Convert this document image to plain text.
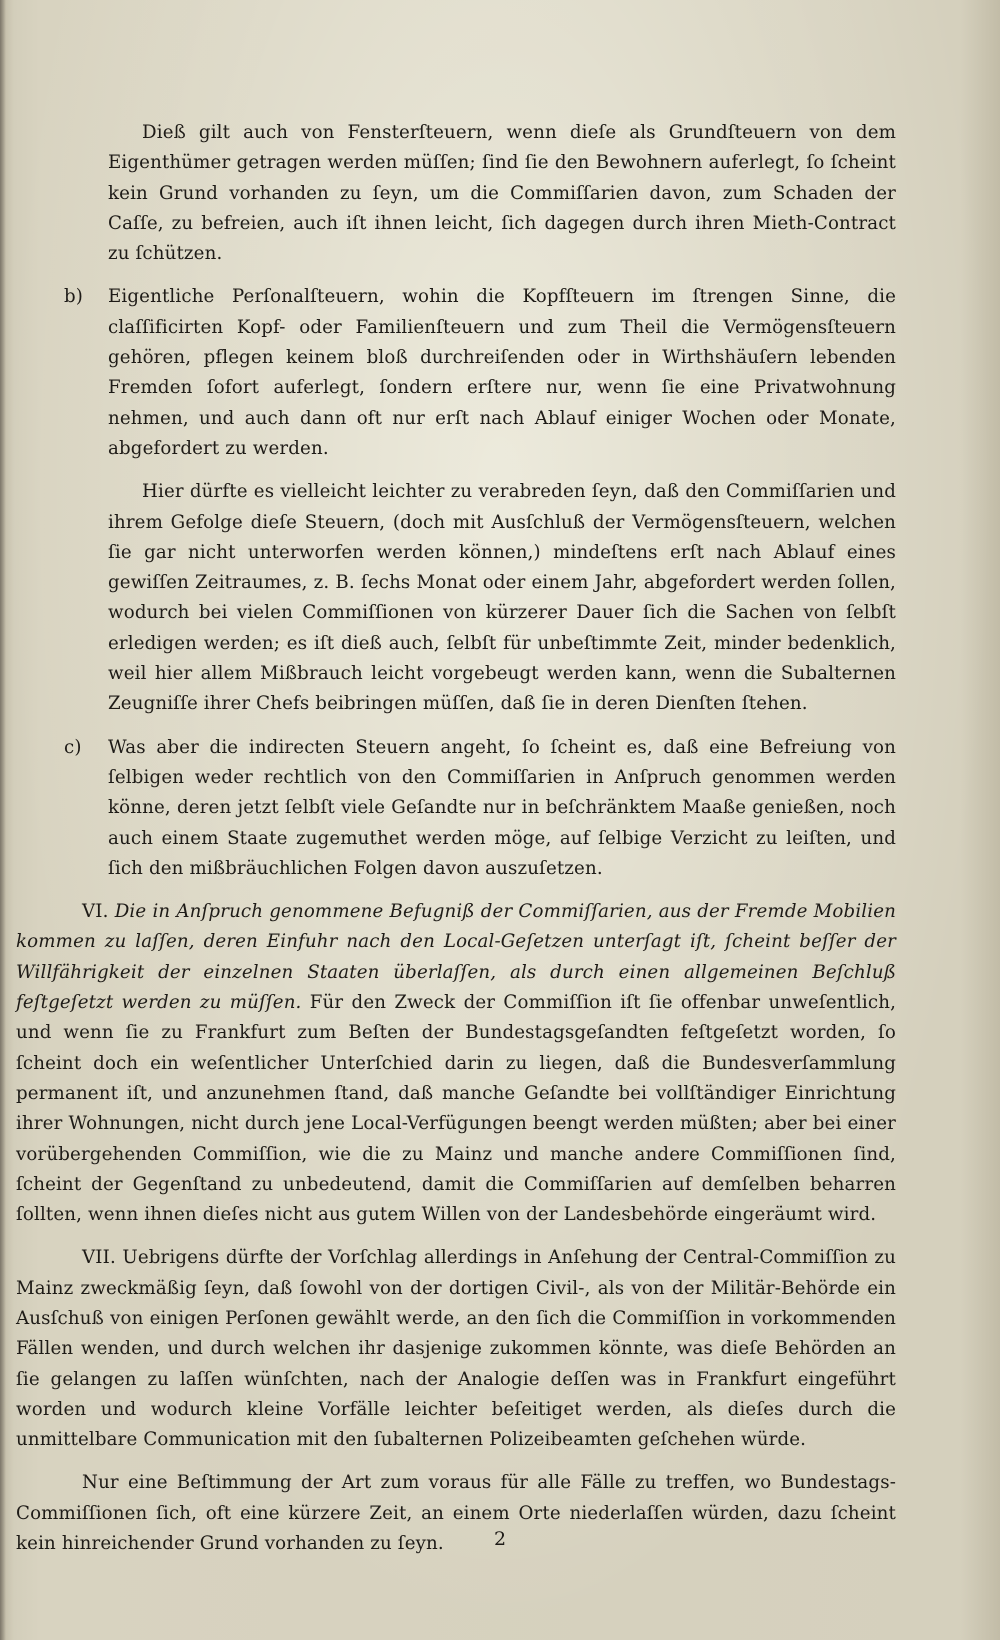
Dieß gilt auch von Fensterſteuern, wenn dieſe als Grundſteuern von dem Eigenthümer getragen werden müſſen; ſind ſie den Bewohnern auferlegt, ſo ſcheint kein Grund vorhanden zu ſeyn, um die Commiſſarien davon, zum Schaden der Caſſe, zu befreien, auch iſt ihnen leicht, ſich dagegen durch ihren Mieth-Contract zu ſchützen.
b) Eigentliche Perſonalſteuern, wohin die Kopfſteuern im ſtrengen Sinne, die claſſificirten Kopf- oder Familienſteuern und zum Theil die Vermögensſteuern gehören, pflegen keinem bloß durchreiſenden oder in Wirthshäuſern lebenden Fremden ſofort auferlegt, ſondern erſtere nur, wenn ſie eine Privatwohnung nehmen, und auch dann oft nur erſt nach Ablauf einiger Wochen oder Monate, abgefordert zu werden.
Hier dürfte es vielleicht leichter zu verabreden ſeyn, daß den Commiſſarien und ihrem Gefolge dieſe Steuern, (doch mit Ausſchluß der Vermögensſteuern, welchen ſie gar nicht unterworfen werden können,) mindeſtens erſt nach Ablauf eines gewiſſen Zeitraumes, z. B. ſechs Monat oder einem Jahr, abgefordert werden ſollen, wodurch bei vielen Commiſſionen von kürzerer Dauer ſich die Sachen von ſelbſt erledigen werden; es iſt dieß auch, ſelbſt für unbeſtimmte Zeit, minder bedenklich, weil hier allem Mißbrauch leicht vorgebeugt werden kann, wenn die Subalternen Zeugniſſe ihrer Chefs beibringen müſſen, daß ſie in deren Dienſten ſtehen.
c) Was aber die indirecten Steuern angeht, ſo ſcheint es, daß eine Befreiung von ſelbigen weder rechtlich von den Commiſſarien in Anſpruch genommen werden könne, deren jetzt ſelbſt viele Geſandte nur in beſchränktem Maaße genießen, noch auch einem Staate zugemuthet werden möge, auf ſelbige Verzicht zu leiſten, und ſich den mißbräuchlichen Folgen davon auszuſetzen.
VI. Die in Anſpruch genommene Befugniß der Commiſſarien, aus der Fremde Mobilien kommen zu laſſen, deren Einfuhr nach den Local-Geſetzen unterſagt iſt, ſcheint beſſer der Willfährigkeit der einzelnen Staaten überlaſſen, als durch einen allgemeinen Beſchluß feſtgeſetzt werden zu müſſen. Für den Zweck der Commiſſion iſt ſie offenbar unweſentlich, und wenn ſie zu Frankfurt zum Beſten der Bundestagsgeſandten feſtgeſetzt worden, ſo ſcheint doch ein weſentlicher Unterſchied darin zu liegen, daß die Bundesverſammlung permanent iſt, und anzunehmen ſtand, daß manche Geſandte bei vollſtändiger Einrichtung ihrer Wohnungen, nicht durch jene Local-Verfügungen beengt werden müßten; aber bei einer vorübergehenden Commiſſion, wie die zu Mainz und manche andere Commiſſionen ſind, ſcheint der Gegenſtand zu unbedeutend, damit die Commiſſarien auf demſelben beharren ſollten, wenn ihnen dieſes nicht aus gutem Willen von der Landesbehörde eingeräumt wird.
VII. Uebrigens dürfte der Vorſchlag allerdings in Anſehung der Central-Commiſſion zu Mainz zweckmäßig ſeyn, daß ſowohl von der dortigen Civil-, als von der Militär-Behörde ein Ausſchuß von einigen Perſonen gewählt werde, an den ſich die Commiſſion in vorkommenden Fällen wenden, und durch welchen ihr dasjenige zukommen könnte, was dieſe Behörden an ſie gelangen zu laſſen wünſchten, nach der Analogie deſſen was in Frankfurt eingeführt worden und wodurch kleine Vorfälle leichter beſeitiget werden, als dieſes durch die unmittelbare Communication mit den ſubalternen Polizeibeamten geſchehen würde.
Nur eine Beſtimmung der Art zum voraus für alle Fälle zu treffen, wo Bundestags-Commiſſionen ſich, oft eine kürzere Zeit, an einem Orte niederlaſſen würden, dazu ſcheint kein hinreichender Grund vorhanden zu ſeyn.	2
